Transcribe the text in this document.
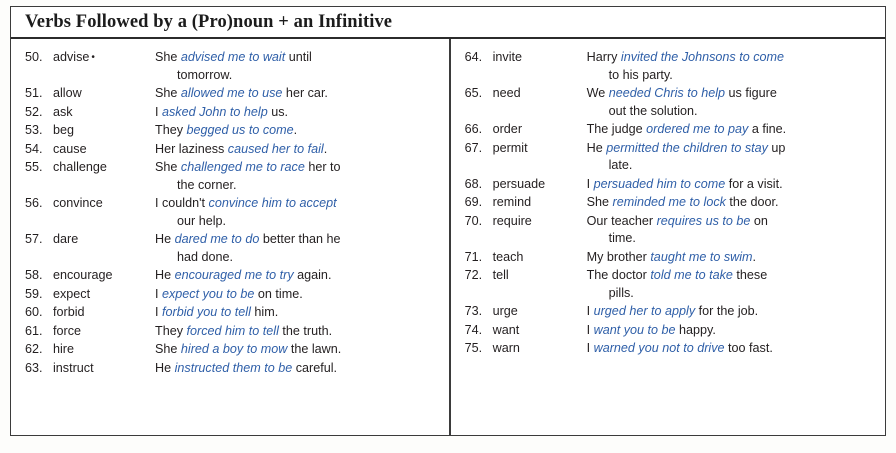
Verbs Followed by a (Pro)noun + an Infinitive
50. advise •	She advised me to wait until
tomorrow.
51. allow	She allowed me to use her car.
52. ask	I asked John to help us.
53. beg	They begged us to come.
54. cause	Her laziness caused her to fail.
55. challenge	She challenged me to race her to
the corner.
56. convince	I couldn't convince him to accept
our help.
57. dare	He dared me to do better than he
had done.
58. encourage	He encouraged me to try again.
59. expect	I expect you to be on time.
60. forbid	I forbid you to tell him.
61. force	They forced him to tell the truth.
62. hire	She hired a boy to mow the lawn.
63. instruct	He instructed them to be careful.
64. invite	Harry invited the Johnsons to come
to his party.
65. need	We needed Chris to help us figure
out the solution.
66. order	The judge ordered me to pay a fine.
67. permit	He permitted the children to stay up
late.
68. persuade	I persuaded him to come for a visit.
69. remind	She reminded me to lock the door.
70. require	Our teacher requires us to be on
time.
71. teach	My brother taught me to swim.
72. tell	The doctor told me to take these
pills.
73. urge	I urged her to apply for the job.
74. want	I want you to be happy.
75. warn	I warned you not to drive too fast.
